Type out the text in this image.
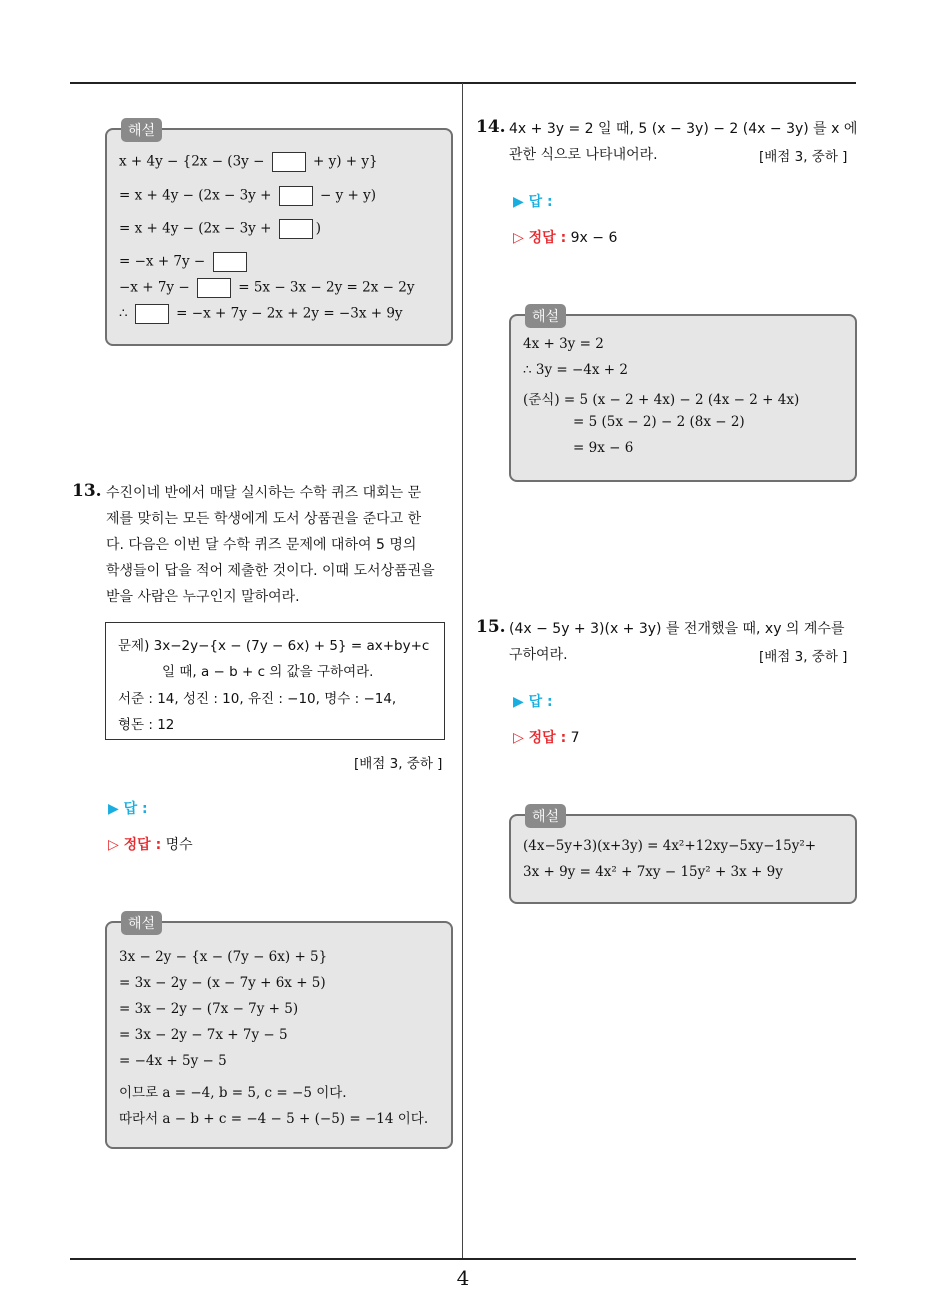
해설
x + 4y − {2x − (3y −	+ y) + y}
= x + 4y − (2x − 3y +	− y + y)
= x + 4y − (2x − 3y +	)
= −x + 7y −
−x + 7y −	= 5x − 3x − 2y = 2x − 2y
∴	= −x + 7y − 2x + 2y = −3x + 9y
13. 수진이네 반에서 매달 실시하는 수학 퀴즈 대회는 문
제를 맞히는 모든 학생에게 도서 상품권을 준다고 한
다. 다음은 이번 달 수학 퀴즈 문제에 대하여 5 명의
학생들이 답을 적어 제출한 것이다. 이때 도서상품권을
받을 사람은 누구인지 말하여라.
문제) 3x−2y−{x − (7y − 6x) + 5} = ax+by+c
일 때, a − b + c 의 값을 구하여라.
서준 : 14, 성진 : 10, 유진 : −10, 명수 : −14,
형돈 : 12
[배점 3, 중하 ]
▶ 답 :
▷ 정답 : 명수
해설
3x − 2y − {x − (7y − 6x) + 5}
= 3x − 2y − (x − 7y + 6x + 5)
= 3x − 2y − (7x − 7y + 5)
= 3x − 2y − 7x + 7y − 5
= −4x + 5y − 5
이므로 a = −4, b = 5, c = −5 이다.
따라서 a − b + c = −4 − 5 + (−5) = −14 이다.
14. 4x + 3y = 2 일 때, 5 (x − 3y) − 2 (4x − 3y) 를 x 에
관한 식으로 나타내어라.	[배점 3, 중하 ]
▶ 답 :
▷ 정답 : 9x − 6
해설
4x + 3y = 2
∴ 3y = −4x + 2
(준식) = 5 (x − 2 + 4x) − 2 (4x − 2 + 4x)
= 5 (5x − 2) − 2 (8x − 2)
= 9x − 6
15. (4x − 5y + 3)(x + 3y) 를 전개했을 때, xy 의 계수를
구하여라.	[배점 3, 중하 ]
▶ 답 :
▷ 정답 : 7
해설
(4x−5y+3)(x+3y) = 4x²+12xy−5xy−15y²+
3x + 9y = 4x² + 7xy − 15y² + 3x + 9y
4
